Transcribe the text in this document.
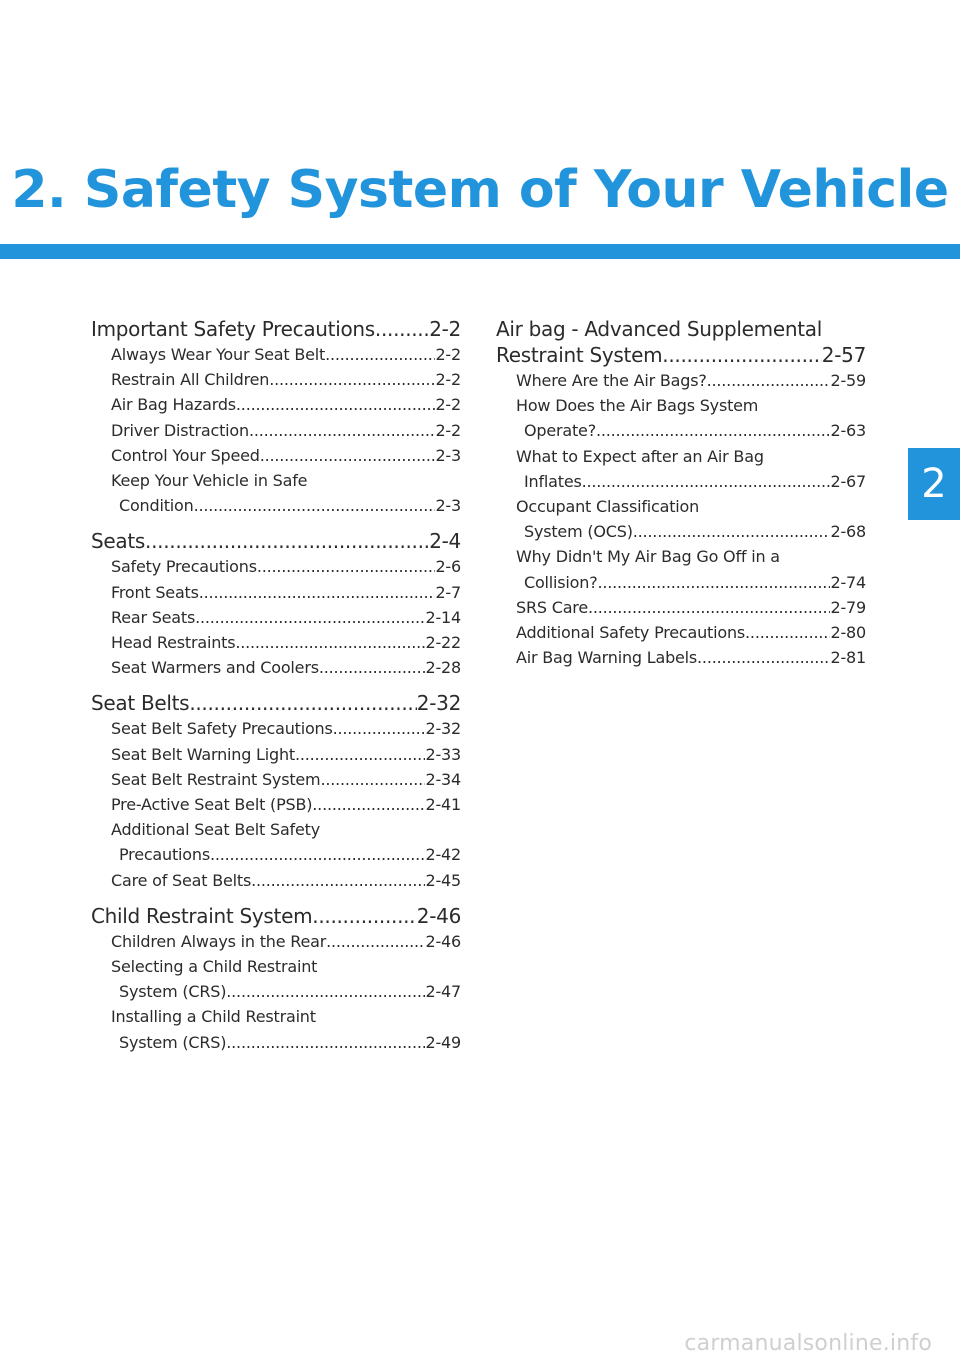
2. Safety System of Your Vehicle
2
Important Safety Precautions .....	2-2
Always Wear Your Seat Belt .....	2-2
Restrain All Children .....	2-2
Air Bag Hazards .....	2-2
Driver Distraction .....	2-2
Control Your Speed .....	2-3
Keep Your Vehicle in Safe
Condition .....	2-3
Seats .....	2-4
Safety Precautions .....	2-6
Front Seats .....	2-7
Rear Seats .....	2-14
Head Restraints .....	2-22
Seat Warmers and Coolers .....	2-28
Seat Belts .....	2-32
Seat Belt Safety Precautions .....	2-32
Seat Belt Warning Light .....	2-33
Seat Belt Restraint System .....	2-34
Pre-Active Seat Belt (PSB) .....	2-41
Additional Seat Belt Safety
Precautions .....	2-42
Care of Seat Belts .....	2-45
Child Restraint System .....	2-46
Children Always in the Rear .....	2-46
Selecting a Child Restraint
System (CRS) .....	2-47
Installing a Child Restraint
System (CRS) .....	2-49
Air bag - Advanced Supplemental
Restraint System .....	2-57
Where Are the Air Bags? .....	2-59
How Does the Air Bags System
Operate? .....	2-63
What to Expect after an Air Bag
Inflates .....	2-67
Occupant Classification
System (OCS) .....	2-68
Why Didn't My Air Bag Go Off in a
Collision? .....	2-74
SRS Care .....	2-79
Additional Safety Precautions .....	2-80
Air Bag Warning Labels .....	2-81
carmanualsonline.info
